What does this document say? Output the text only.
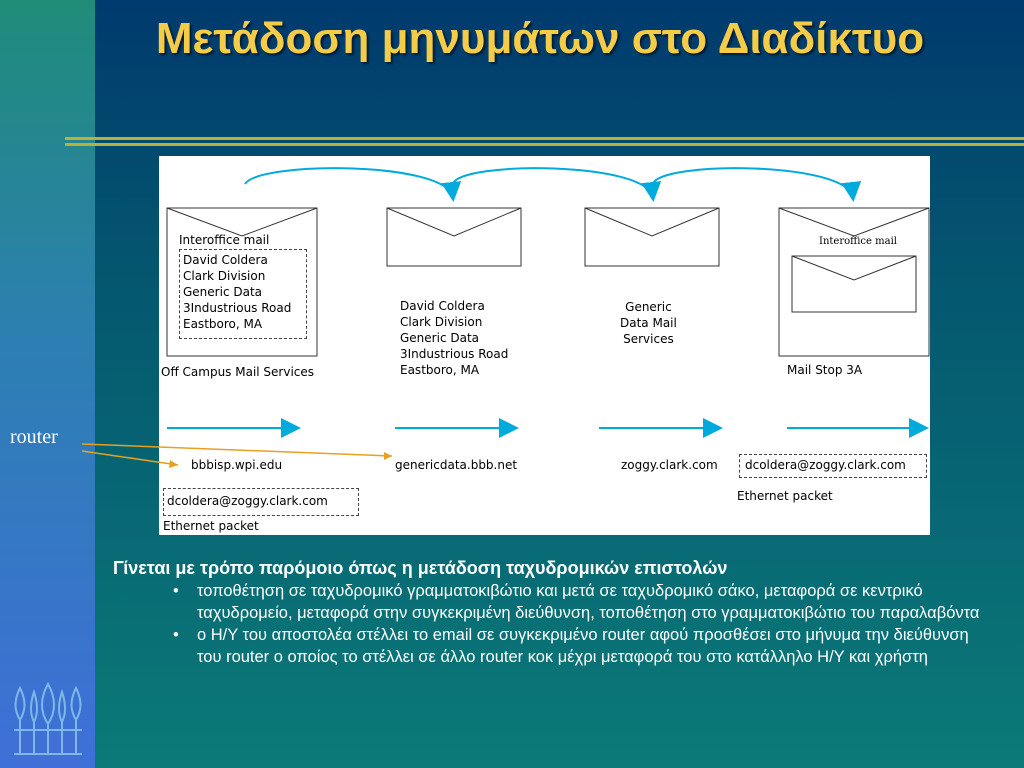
Μετάδοση μηνυμάτων στο Διαδίκτυο
Interoffice mail
David Coldera
Clark Division
Generic Data
3Industrious Road
Eastboro, MA
Off Campus Mail Services
David Coldera
Clark Division
Generic Data
3Industrious Road
Eastboro, MA
Generic
Data Mail
Services
Interoffice mail
Mail Stop 3A
bbbisp.wpi.edu	genericdata.bbb.net	zoggy.clark.com dcoldera@zoggy.clark.com
Ethernet packet
dcoldera@zoggy.clark.com
Ethernet packet
router

Γίνεται με τρόπο παρόμοιο όπως η μετάδοση ταχυδρομικών επιστολών

• τοποθέτηση σε ταχυδρομικό γραμματοκιβώτιο και μετά σε ταχυδρομικό σάκο, μεταφορά σε κεντρικό ταχυδρομείο, μεταφορά στην συγκεκριμένη διεύθυνση, τοποθέτηση στο γραμματοκιβώτιο του παραλαβόντα
• ο Η/Υ του αποστολέα στέλλει το email σε συγκεκριμένο router αφού προσθέσει στο μήνυμα την διεύθυνση του router ο οποίος το στέλλει σε άλλο router κοκ μέχρι μεταφορά του στο κατάλληλο Η/Υ και χρήστη
